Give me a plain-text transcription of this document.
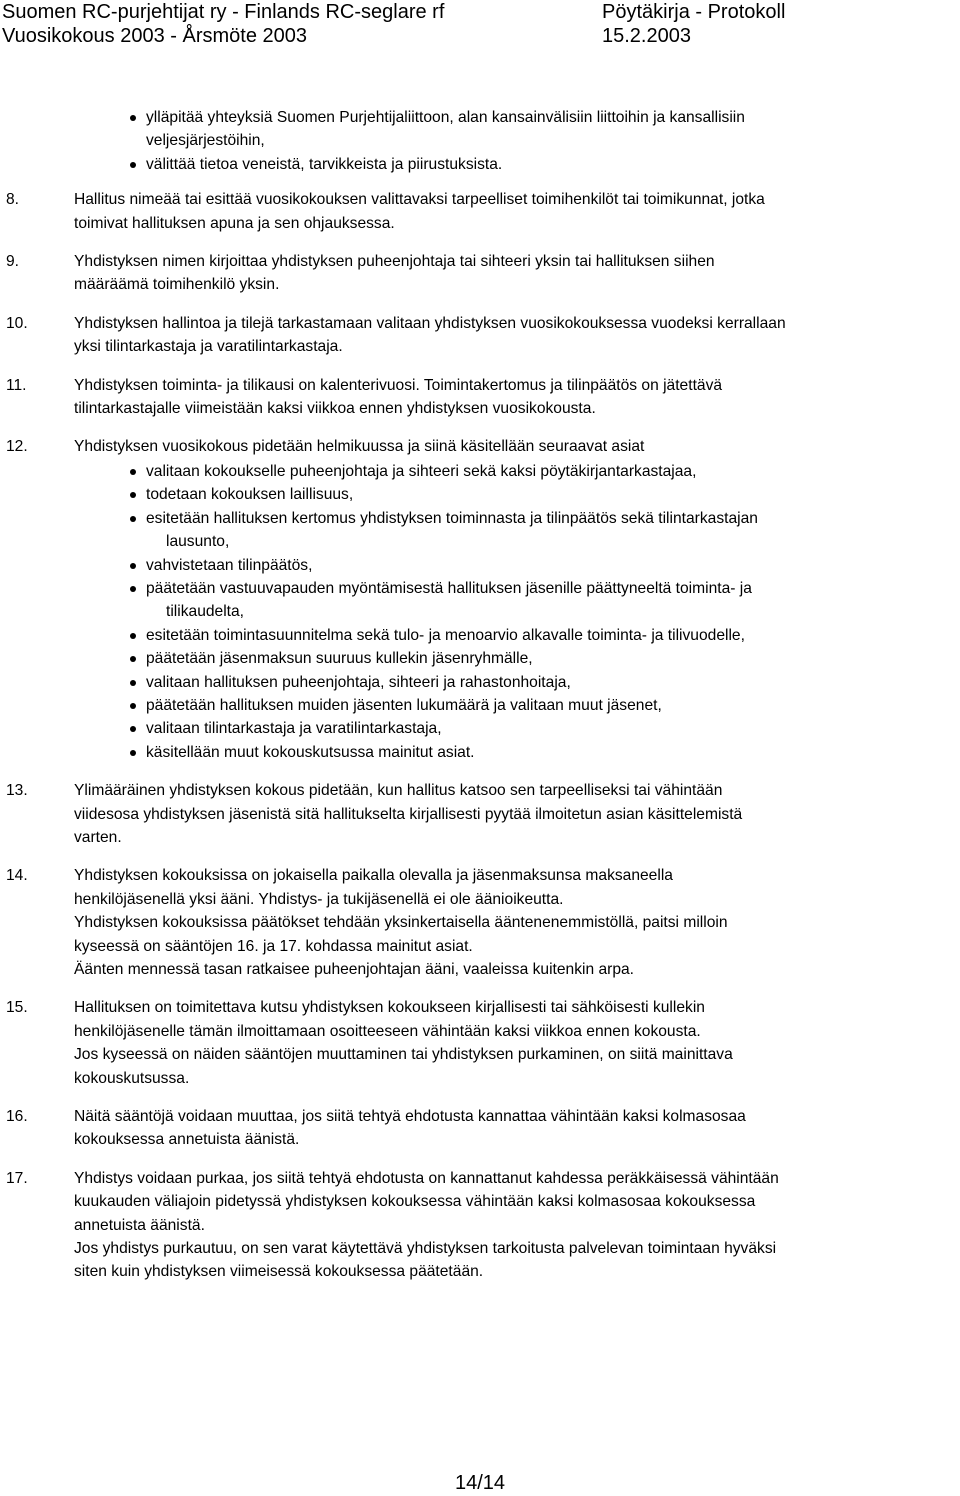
Suomen RC-purjehtijat ry - Finlands RC-seglare rf	Pöytäkirja - Protokoll
Vuosikokous 2003 - Årsmöte 2003	15.2.2003
ylläpitää yhteyksiä Suomen Purjehtijaliittoon, alan kansainvälisiin liittoihin ja kansallisiin
veljesjärjestöihin,
välittää tietoa veneistä, tarvikkeista ja piirustuksista.
8.	Hallitus nimeää tai esittää vuosikokouksen valittavaksi tarpeelliset toimihenkilöt tai toimikunnat, jotka
toimivat hallituksen apuna ja sen ohjauksessa.

9.	Yhdistyksen nimen kirjoittaa yhdistyksen puheenjohtaja tai sihteeri yksin tai hallituksen siihen
määräämä toimihenkilö yksin.

10.	Yhdistyksen hallintoa ja tilejä tarkastamaan valitaan yhdistyksen vuosikokouksessa vuodeksi kerrallaan
yksi tilintarkastaja ja varatilintarkastaja.

11.	Yhdistyksen toiminta- ja tilikausi on kalenterivuosi. Toimintakertomus ja tilinpäätös on jätettävä
tilintarkastajalle viimeistään kaksi viikkoa ennen yhdistyksen vuosikokousta.

12.	Yhdistyksen vuosikokous pidetään helmikuussa ja siinä käsitellään seuraavat asiat

valitaan kokoukselle puheenjohtaja ja sihteeri sekä kaksi pöytäkirjantarkastajaa,
todetaan kokouksen laillisuus,
esitetään hallituksen kertomus yhdistyksen toiminnasta ja tilinpäätös sekä tilintarkastajan
lausunto,
vahvistetaan tilinpäätös,
päätetään vastuuvapauden myöntämisestä hallituksen jäsenille päättyneeltä toiminta- ja
tilikaudelta,
esitetään toimintasuunnitelma sekä tulo- ja menoarvio alkavalle toiminta- ja tilivuodelle,
päätetään jäsenmaksun suuruus kullekin jäsenryhmälle,
valitaan hallituksen puheenjohtaja, sihteeri ja rahastonhoitaja,
päätetään hallituksen muiden jäsenten lukumäärä ja valitaan muut jäsenet,
valitaan tilintarkastaja ja varatilintarkastaja,
käsitellään muut kokouskutsussa mainitut asiat.
13.	Ylimääräinen yhdistyksen kokous pidetään, kun hallitus katsoo sen tarpeelliseksi tai vähintään
viidesosa yhdistyksen jäsenistä sitä hallitukselta kirjallisesti pyytää ilmoitetun asian käsittelemistä
varten.

14.	Yhdistyksen kokouksissa on jokaisella paikalla olevalla ja jäsenmaksunsa maksaneella
henkilöjäsenellä yksi ääni. Yhdistys- ja tukijäsenellä ei ole äänioikeutta.
Yhdistyksen kokouksissa päätökset tehdään yksinkertaisella ääntenenemmistöllä, paitsi milloin
kyseessä on sääntöjen 16. ja 17. kohdassa mainitut asiat.
Äänten mennessä tasan ratkaisee puheenjohtajan ääni, vaaleissa kuitenkin arpa.

15.	Hallituksen on toimitettava kutsu yhdistyksen kokoukseen kirjallisesti tai sähköisesti kullekin
henkilöjäsenelle tämän ilmoittamaan osoitteeseen vähintään kaksi viikkoa ennen kokousta.
Jos kyseessä on näiden sääntöjen muuttaminen tai yhdistyksen purkaminen, on siitä mainittava
kokouskutsussa.

16.	Näitä sääntöjä voidaan muuttaa, jos siitä tehtyä ehdotusta kannattaa vähintään kaksi kolmasosaa
kokouksessa annetuista äänistä.

17.	Yhdistys voidaan purkaa, jos siitä tehtyä ehdotusta on kannattanut kahdessa peräkkäisessä vähintään
kuukauden väliajoin pidetyssä yhdistyksen kokouksessa vähintään kaksi kolmasosaa kokouksessa
annetuista äänistä.
Jos yhdistys purkautuu, on sen varat käytettävä yhdistyksen tarkoitusta palvelevan toimintaan hyväksi
siten kuin yhdistyksen viimeisessä kokouksessa päätetään.

14/14
